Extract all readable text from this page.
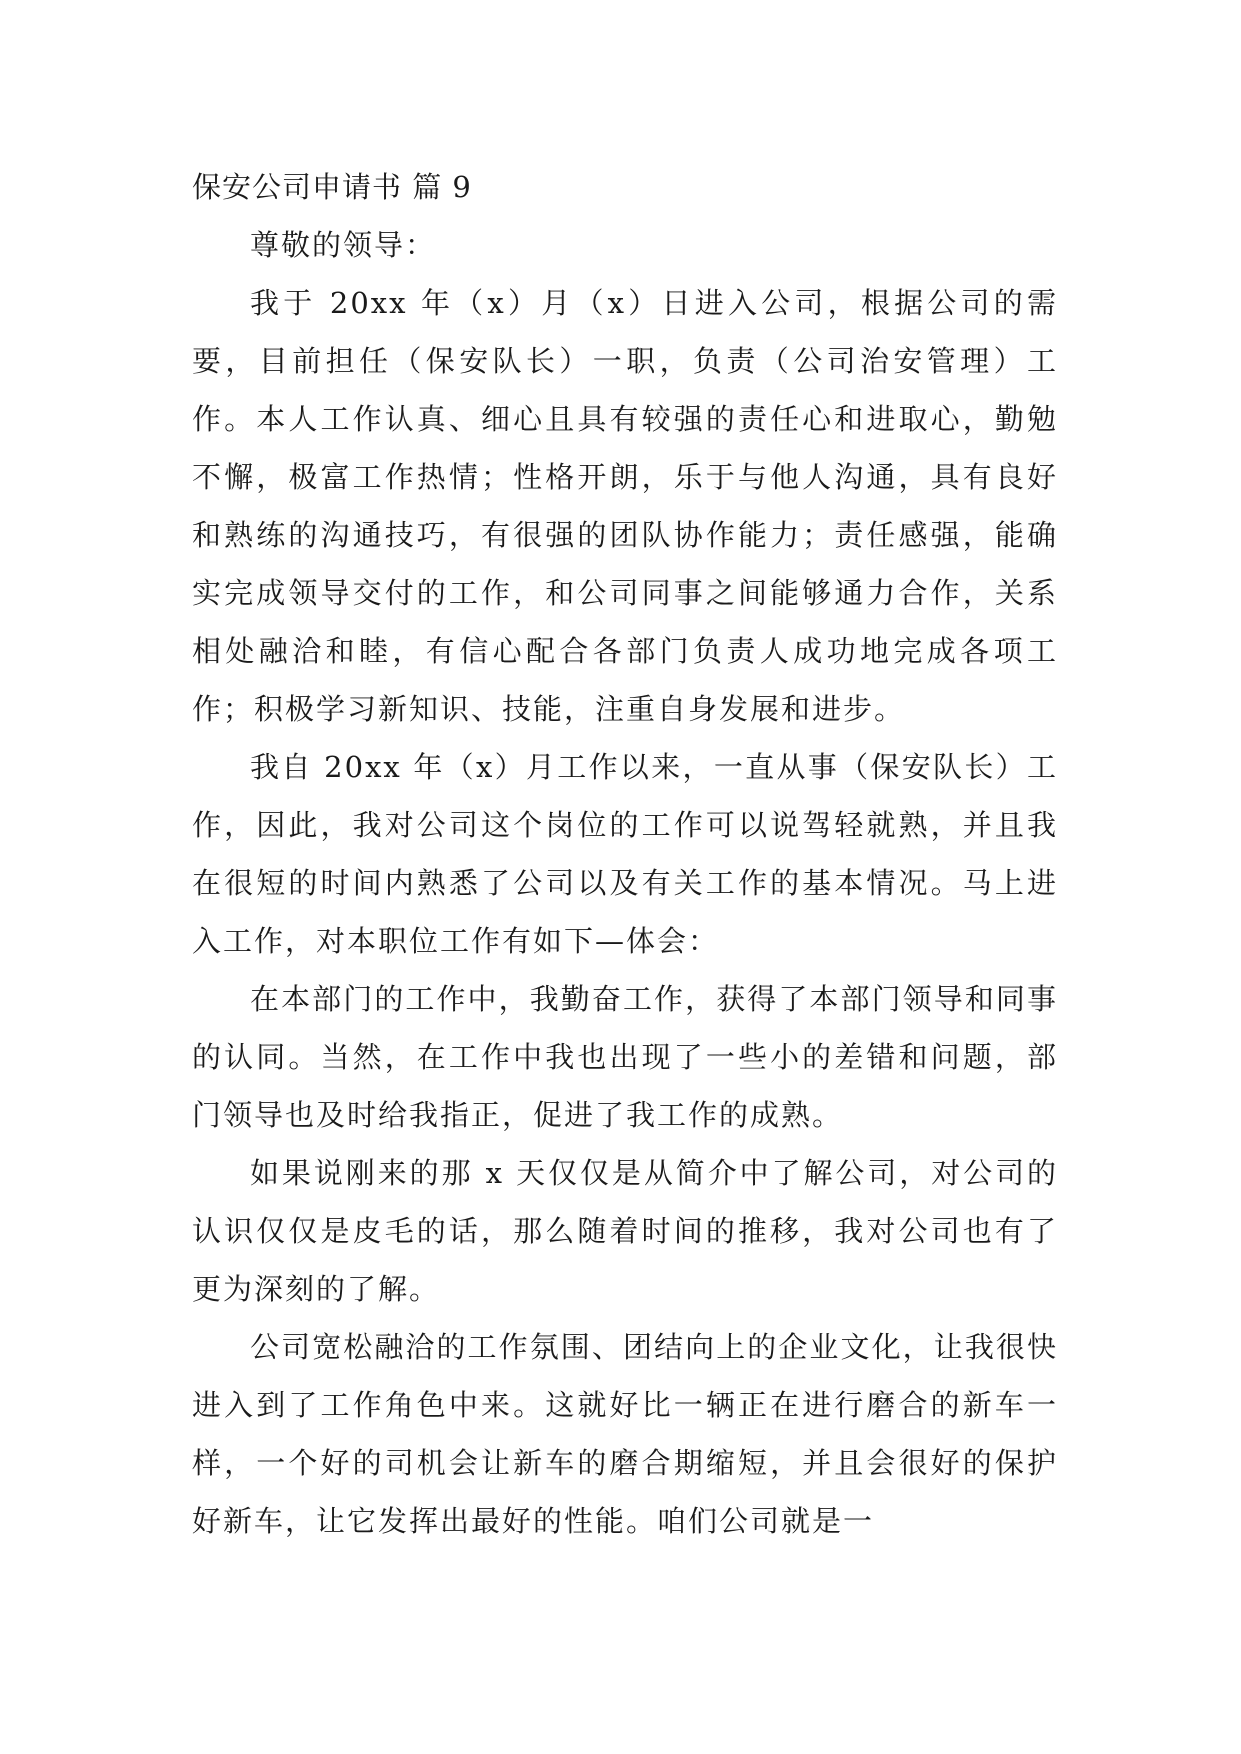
保安公司申请书 篇 9

尊敬的领导：

我于 20xx 年（x）月（x）日进入公司，根据公司的需要，目前担任（保安队长）一职，负责（公司治安管理）工作。本人工作认真、细心且具有较强的责任心和进取心，勤勉不懈，极富工作热情；性格开朗，乐于与他人沟通，具有良好和熟练的沟通技巧，有很强的团队协作能力；责任感强，能确实完成领导交付的工作，和公司同事之间能够通力合作，关系相处融洽和睦，有信心配合各部门负责人成功地完成各项工作；积极学习新知识、技能，注重自身发展和进步。

我自 20xx 年（x）月工作以来，一直从事（保安队长）工作，因此，我对公司这个岗位的工作可以说驾轻就熟，并且我在很短的时间内熟悉了公司以及有关工作的基本情况。马上进入工作，对本职位工作有如下—体会：

在本部门的工作中，我勤奋工作，获得了本部门领导和同事的认同。当然，在工作中我也出现了一些小的差错和问题，部门领导也及时给我指正，促进了我工作的成熟。

如果说刚来的那 x 天仅仅是从简介中了解公司，对公司的认识仅仅是皮毛的话，那么随着时间的推移，我对公司也有了更为深刻的了解。

公司宽松融洽的工作氛围、团结向上的企业文化，让我很快进入到了工作角色中来。这就好比一辆正在进行磨合的新车一样，一个好的司机会让新车的磨合期缩短，并且会很好的保护好新车，让它发挥出最好的性能。咱们公司就是一
